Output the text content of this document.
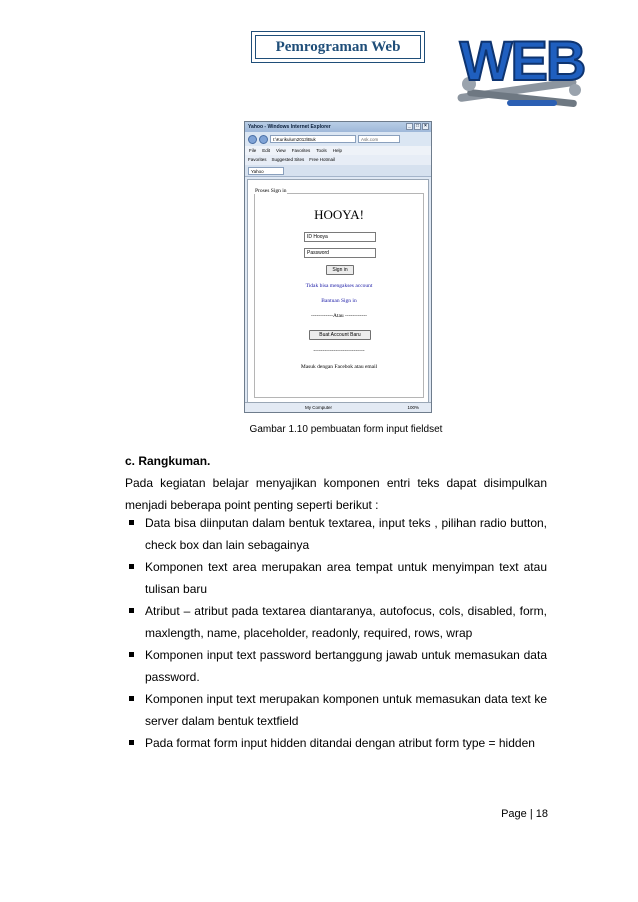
Pemrograman Web WEB
Yahoo - Windows Internet Explorer	_	□	×
I:\Kurikulum2013\Buk	Ask.com
File Edit View Favorites Tools Help
Favorites Suggested Sites Free Hotmail
Yahoo
Proses Sign in
HOOYA!
ID Hooya
Password
Sign in
Tidak bisa mengakses account
Bantuan Sign in
------------Atau ------------
Buat Account Baru
----------------------------
Masuk dengan Facebok atau email
My Computer	100%
Gambar 1.10 pembuatan form input fieldset
c. Rangkuman.
Pada kegiatan belajar menyajikan komponen entri teks dapat disimpulkan menjadi beberapa point penting seperti berikut :
Data bisa diinputan dalam bentuk textarea, input teks , pilihan radio button, check box dan lain sebagainya
Komponen text area merupakan area tempat untuk menyimpan text atau tulisan baru
Atribut – atribut pada textarea diantaranya, autofocus, cols, disabled, form, maxlength, name, placeholder, readonly, required, rows, wrap
Komponen input text password bertanggung jawab untuk memasukan data password.
Komponen input text merupakan komponen untuk memasukan data text ke server dalam bentuk textfield
Pada format form input hidden ditandai dengan atribut form type = hidden
Page | 18
